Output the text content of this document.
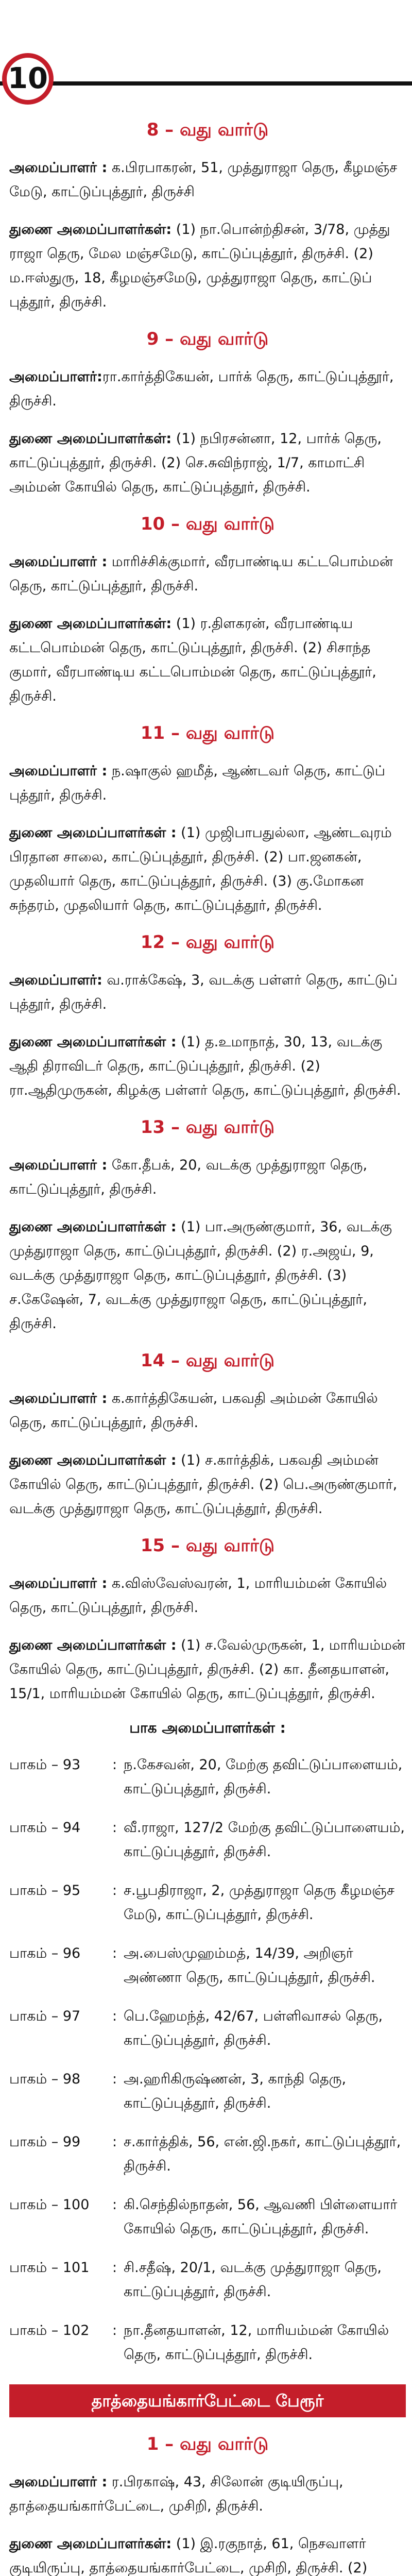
10
8 – வது வார்டு

அமைப்பாளர் : க.பிரபாகரன், 51, முத்துராஜா தெரு, கீழமஞ்ச மேடு, காட்டுப்புத்தூர், திருச்சி

துணை அமைப்பாளர்கள்: (1) நா.பொன்ற்திசன், 3/78, முத்து ராஜா தெரு, மேல மஞ்சமேடு, காட்டுப்புத்தூர், திருச்சி. (2) ம.ஈஸ்துரு, 18, கீழமஞ்சமேடு, முத்துராஜா தெரு, காட்டுப் புத்தூர், திருச்சி.

9 – வது வார்டு

அமைப்பாளர்:ரா.கார்த்திகேயன், பார்க் தெரு, காட்டுப்புத்தூர், திருச்சி.

துணை அமைப்பாளர்கள்: (1) நபிரசன்னா, 12, பார்க் தெரு, காட்டுப்புத்தூர், திருச்சி. (2) செ.சுவிந்ராஜ், 1/7, காமாட்சி அம்மன் கோயில் தெரு, காட்டுப்புத்தூர், திருச்சி.

10 – வது வார்டு

அமைப்பாளர் : மாரிச்சிக்குமார், வீரபாண்டிய கட்டபொம்மன் தெரு, காட்டுப்புத்தூர், திருச்சி.

துணை அமைப்பாளர்கள்: (1) ர.திளகரன், வீரபாண்டிய கட்டபொம்மன் தெரு, காட்டுப்புத்தூர், திருச்சி. (2) சிசாந்த குமார், வீரபாண்டிய கட்டபொம்மன் தெரு, காட்டுப்புத்தூர், திருச்சி.

11 – வது வார்டு

அமைப்பாளர் : ந.ஷாகுல் ஹமீத், ஆண்டவர் தெரு, காட்டுப் புத்தூர், திருச்சி.

துணை அமைப்பாளர்கள் : (1) முஜிபாபதுல்லா, ஆண்டவுரம் பிரதான சாலை, காட்டுப்புத்தூர், திருச்சி. (2) பா.ஜனகன், முதலியார் தெரு, காட்டுப்புத்தூர், திருச்சி. (3) கு.மோகன சுந்தரம், முதலியார் தெரு, காட்டுப்புத்தூர், திருச்சி.

12 – வது வார்டு

அமைப்பாளர்: வ.ராக்கேஷ், 3, வடக்கு பள்ளர் தெரு, காட்டுப் புத்தூர், திருச்சி.

துணை அமைப்பாளர்கள் : (1) த.உமாநாத், 30, 13, வடக்கு ஆதி திராவிடர் தெரு, காட்டுப்புத்தூர், திருச்சி. (2) ரா.ஆதிமுருகன், கிழக்கு பள்ளர் தெரு, காட்டுப்புத்தூர், திருச்சி.

13 – வது வார்டு

அமைப்பாளர் : கோ.தீபக், 20, வடக்கு முத்துராஜா தெரு, காட்டுப்புத்தூர், திருச்சி.

துணை அமைப்பாளர்கள் : (1) பா.அருண்குமார், 36, வடக்கு முத்துராஜா தெரு, காட்டுப்புத்தூர், திருச்சி. (2) ர.அஜய், 9, வடக்கு முத்துராஜா தெரு, காட்டுப்புத்தூர், திருச்சி. (3) ச.கேஷேன், 7, வடக்கு முத்துராஜா தெரு, காட்டுப்புத்தூர், திருச்சி.

14 – வது வார்டு

அமைப்பாளர் : க.கார்த்திகேயன், பகவதி அம்மன் கோயில் தெரு, காட்டுப்புத்தூர், திருச்சி.

துணை அமைப்பாளர்கள் : (1) ச.கார்த்திக், பகவதி அம்மன் கோயில் தெரு, காட்டுப்புத்தூர், திருச்சி. (2) பெ.அருண்குமார், வடக்கு முத்துராஜா தெரு, காட்டுப்புத்தூர், திருச்சி.

15 – வது வார்டு

அமைப்பாளர் : க.விஸ்வேஸ்வரன், 1, மாரியம்மன் கோயில் தெரு, காட்டுப்புத்தூர், திருச்சி.

துணை அமைப்பாளர்கள் : (1) ச.வேல்முருகன், 1, மாரியம்மன் கோயில் தெரு, காட்டுப்புத்தூர், திருச்சி. (2) கா. தீனதயாளன், 15/1, மாரியம்மன் கோயில் தெரு, காட்டுப்புத்தூர், திருச்சி.

பாக அமைப்பாளர்கள் :
பாகம் – 93	:	ந.கேசவன், 20, மேற்கு தவிட்டுப்பாளையம், காட்டுப்புத்தூர், திருச்சி.
பாகம் – 94	:	வீ.ராஜா, 127/2 மேற்கு தவிட்டுப்பாளையம், காட்டுப்புத்தூர், திருச்சி.
பாகம் – 95	:	ச.பூபதிராஜா, 2, முத்துராஜா தெரு கீழமஞ்ச மேடு, காட்டுப்புத்தூர், திருச்சி.
பாகம் – 96	:	அ.பைஸ்முஹம்மத், 14/39, அறிஞர் அண்ணா தெரு, காட்டுப்புத்தூர், திருச்சி.
பாகம் – 97	:	பெ.ஹேமந்த், 42/67, பள்ளிவாசல் தெரு, காட்டுப்புத்தூர், திருச்சி.
பாகம் – 98	:	அ.ஹரிகிருஷ்ணன், 3, காந்தி தெரு, காட்டுப்புத்தூர், திருச்சி.
பாகம் – 99	:	ச.கார்த்திக், 56, என்.ஜி.நகர், காட்டுப்புத்தூர், திருச்சி.
பாகம் – 100	:	கி.செந்தில்நாதன், 56, ஆவணி பிள்ளையார் கோயில் தெரு, காட்டுப்புத்தூர், திருச்சி.
பாகம் – 101	:	சி.சதீஷ், 20/1, வடக்கு முத்துராஜா தெரு, காட்டுப்புத்தூர், திருச்சி.
பாகம் – 102	:	நா.தீனதயாளன், 12, மாரியம்மன் கோயில் தெரு, காட்டுப்புத்தூர், திருச்சி.
தாத்தையங்கார்பேட்டை பேரூர்
1 – வது வார்டு

அமைப்பாளர் : ர.பிரகாஷ், 43, சிலோன் குடியிருப்பு, தாத்தையங்கார்பேட்டை, முசிறி, திருச்சி.

துணை அமைப்பாளர்கள்: (1) இ.ரகுநாத், 61, நெசவாளர் குடியிருப்பு, தாத்தையங்கார்பேட்டை, முசிறி, திருச்சி. (2)
